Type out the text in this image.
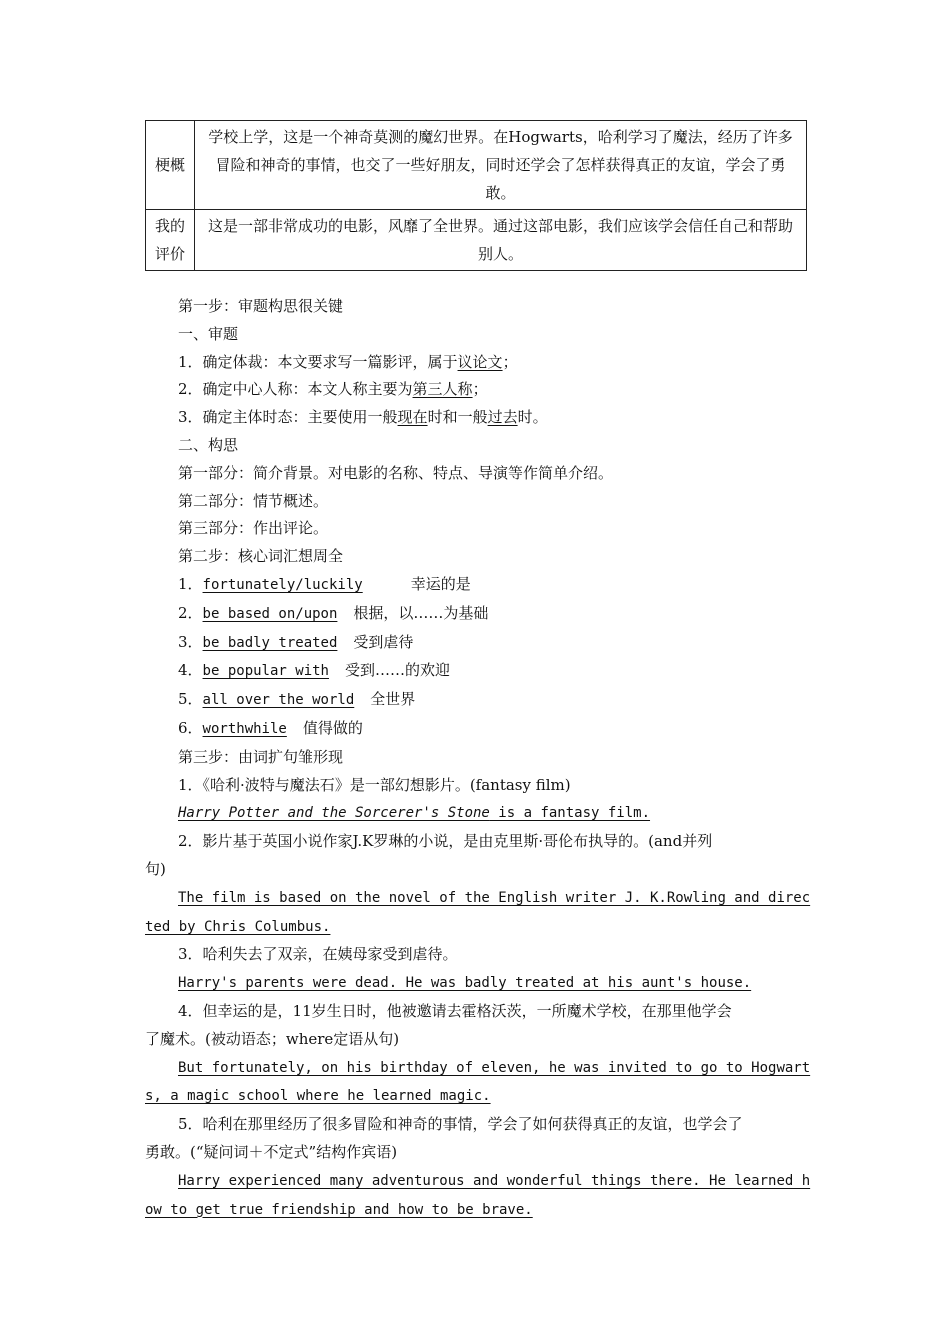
梗概	学校上学，这是一个神奇莫测的魔幻世界。在Hogwarts，哈利学习了魔法，经历了许多冒险和神奇的事情，也交了一些好朋友，同时还学会了怎样获得真正的友谊，学会了勇敢。
我的评价	这是一部非常成功的电影，风靡了全世界。通过这部电影，我们应该学会信任自己和帮助别人。
第一步：审题构思很关键
一、审题
1．确定体裁：本文要求写一篇影评，属于议论文；
2．确定中心人称：本文人称主要为第三人称；
3．确定主体时态：主要使用一般现在时和一般过去时。
二、构思
第一部分：简介背景。对电影的名称、特点、导演等作简单介绍。
第二部分：情节概述。
第三部分：作出评论。
第二步：核心词汇想周全
1．fortunately/luckily	幸运的是
2．be based on/upon 根据，以……为基础
3．be badly treated 受到虐待
4．be popular with 受到……的欢迎
5．all over the world 全世界
6．worthwhile 值得做的
第三步：由词扩句雏形现
1．《哈利·波特与魔法石》是一部幻想影片。(fantasy film)
Harry Potter and the Sorcerer's Stone is a fantasy film.
2．影片基于英国小说作家J.K罗琳的小说，是由克里斯·哥伦布执导的。(and并列
句)
The film is based on the novel of the English writer J. K.Rowling and direc
ted by Chris Columbus.
3．哈利失去了双亲，在姨母家受到虐待。
Harry's parents were dead. He was badly treated at his aunt's house.
4．但幸运的是，11岁生日时，他被邀请去霍格沃茨，一所魔术学校，在那里他学会
了魔术。(被动语态；where定语从句)
But fortunately, on his birthday of eleven, he was invited to go to Hogwart
s, a magic school where he learned magic.
5．哈利在那里经历了很多冒险和神奇的事情，学会了如何获得真正的友谊，也学会了
勇敢。(“疑问词＋不定式”结构作宾语)
Harry experienced many adventurous and wonderful things there. He learned h
ow to get true friendship and how to be brave.
